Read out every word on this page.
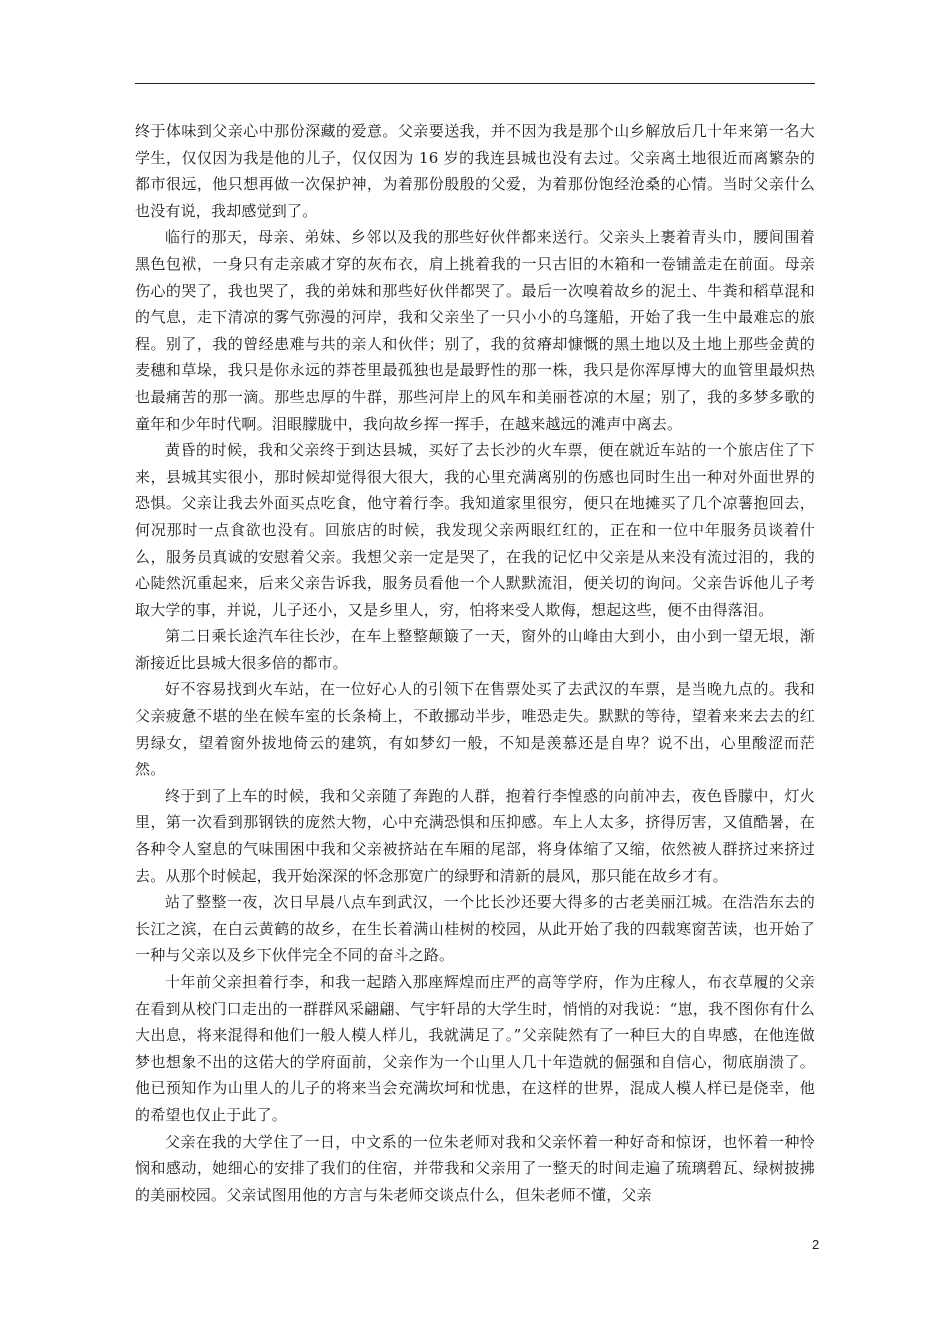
终于体味到父亲心中那份深藏的爱意。父亲要送我，并不因为我是那个山乡解放后几十年来第一名大学生，仅仅因为我是他的儿子，仅仅因为 16 岁的我连县城也没有去过。父亲离土地很近而离繁杂的都市很远，他只想再做一次保护神，为着那份殷殷的父爱，为着那份饱经沧桑的心情。当时父亲什么也没有说，我却感觉到了。

临行的那天，母亲、弟妹、乡邻以及我的那些好伙伴都来送行。父亲头上裹着青头巾，腰间围着黑色包袱，一身只有走亲戚才穿的灰布衣，肩上挑着我的一只古旧的木箱和一卷铺盖走在前面。母亲伤心的哭了，我也哭了，我的弟妹和那些好伙伴都哭了。最后一次嗅着故乡的泥土、牛粪和稻草混和的气息，走下清凉的雾气弥漫的河岸，我和父亲坐了一只小小的乌篷船，开始了我一生中最难忘的旅程。别了，我的曾经患难与共的亲人和伙伴；别了，我的贫瘠却慷慨的黑土地以及土地上那些金黄的麦穗和草垛，我只是你永远的莽苍里最孤独也是最野性的那一株，我只是你浑厚博大的血管里最炽热也最痛苦的那一滴。那些忠厚的牛群，那些河岸上的风车和美丽苍凉的木屋；别了，我的多梦多歌的童年和少年时代啊。泪眼朦胧中，我向故乡挥一挥手，在越来越远的滩声中离去。

黄昏的时候，我和父亲终于到达县城，买好了去长沙的火车票，便在就近车站的一个旅店住了下来，县城其实很小，那时候却觉得很大很大，我的心里充满离别的伤感也同时生出一种对外面世界的恐惧。父亲让我去外面买点吃食，他守着行李。我知道家里很穷，便只在地摊买了几个凉薯抱回去，何况那时一点食欲也没有。回旅店的时候，我发现父亲两眼红红的，正在和一位中年服务员谈着什么，服务员真诚的安慰着父亲。我想父亲一定是哭了，在我的记忆中父亲是从来没有流过泪的，我的心陡然沉重起来，后来父亲告诉我，服务员看他一个人默默流泪，便关切的询问。父亲告诉他儿子考取大学的事，并说，儿子还小，又是乡里人，穷，怕将来受人欺侮，想起这些，便不由得落泪。

第二日乘长途汽车往长沙，在车上整整颠簸了一天，窗外的山峰由大到小，由小到一望无垠，渐渐接近比县城大很多倍的都市。

好不容易找到火车站，在一位好心人的引领下在售票处买了去武汉的车票，是当晚九点的。我和父亲疲惫不堪的坐在候车室的长条椅上，不敢挪动半步，唯恐走失。默默的等待，望着来来去去的红男绿女，望着窗外拔地倚云的建筑，有如梦幻一般，不知是羡慕还是自卑？说不出，心里酸涩而茫然。

终于到了上车的时候，我和父亲随了奔跑的人群，抱着行李惶惑的向前冲去，夜色昏朦中，灯火里，第一次看到那钢铁的庞然大物，心中充满恐惧和压抑感。车上人太多，挤得厉害，又值酷暑，在各种令人窒息的气味围困中我和父亲被挤站在车厢的尾部，将身体缩了又缩，依然被人群挤过来挤过去。从那个时候起，我开始深深的怀念那宽广的绿野和清新的晨风，那只能在故乡才有。

站了整整一夜，次日早晨八点车到武汉，一个比长沙还要大得多的古老美丽江城。在浩浩东去的长江之滨，在白云黄鹤的故乡，在生长着满山桂树的校园，从此开始了我的四载寒窗苦读，也开始了一种与父亲以及乡下伙伴完全不同的奋斗之路。

十年前父亲担着行李，和我一起踏入那座辉煌而庄严的高等学府，作为庄稼人，布衣草履的父亲在看到从校门口走出的一群群风采翩翩、气宇轩昂的大学生时，悄悄的对我说：“崽，我不图你有什么大出息，将来混得和他们一般人模人样儿，我就满足了。”父亲陡然有了一种巨大的自卑感，在他连做梦也想象不出的这偌大的学府面前，父亲作为一个山里人几十年造就的倔强和自信心，彻底崩溃了。他已预知作为山里人的儿子的将来当会充满坎坷和忧患，在这样的世界，混成人模人样已是侥幸，他的希望也仅止于此了。

父亲在我的大学住了一日，中文系的一位朱老师对我和父亲怀着一种好奇和惊讶，也怀着一种怜悯和感动，她细心的安排了我们的住宿，并带我和父亲用了一整天的时间走遍了琉璃碧瓦、绿树披拂的美丽校园。父亲试图用他的方言与朱老师交谈点什么，但朱老师不懂，父亲

2
